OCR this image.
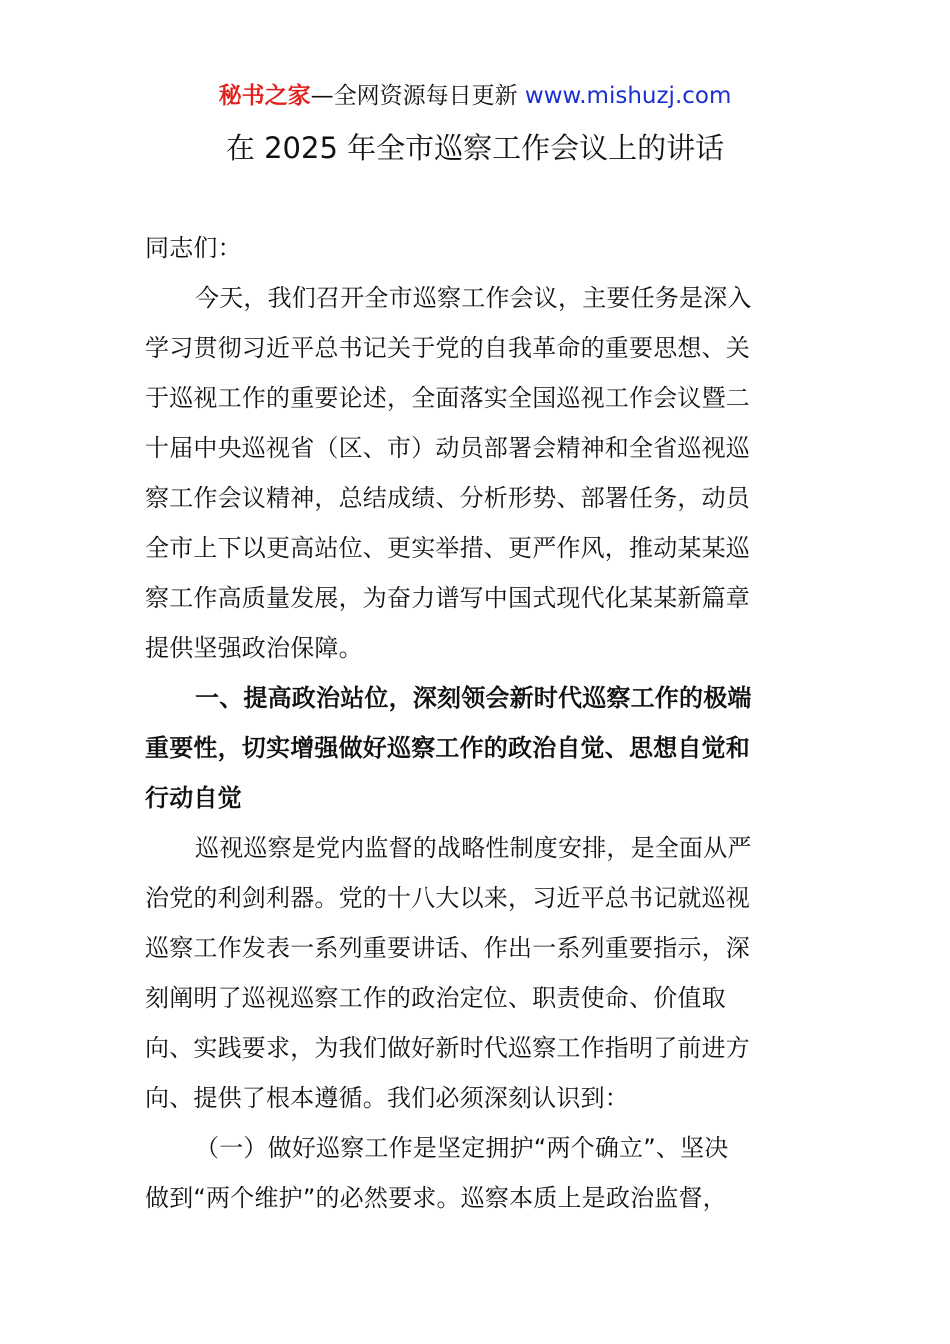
秘书之家—全网资源每日更新 www.mishuzj.com
在 2025 年全市巡察工作会议上的讲话
同志们：
今天，我们召开全市巡察工作会议，主要任务是深入
学习贯彻习近平总书记关于党的自我革命的重要思想、关
于巡视工作的重要论述，全面落实全国巡视工作会议暨二
十届中央巡视省（区、市）动员部署会精神和全省巡视巡
察工作会议精神，总结成绩、分析形势、部署任务，动员
全市上下以更高站位、更实举措、更严作风，推动某某巡
察工作高质量发展，为奋力谱写中国式现代化某某新篇章
提供坚强政治保障。
一、提高政治站位，深刻领会新时代巡察工作的极端
重要性，切实增强做好巡察工作的政治自觉、思想自觉和
行动自觉
巡视巡察是党内监督的战略性制度安排，是全面从严
治党的利剑利器。党的十八大以来，习近平总书记就巡视
巡察工作发表一系列重要讲话、作出一系列重要指示，深
刻阐明了巡视巡察工作的政治定位、职责使命、价值取
向、实践要求，为我们做好新时代巡察工作指明了前进方
向、提供了根本遵循。我们必须深刻认识到：
（一）做好巡察工作是坚定拥护“两个确立”、坚决
做到“两个维护”的必然要求。巡察本质上是政治监督，
